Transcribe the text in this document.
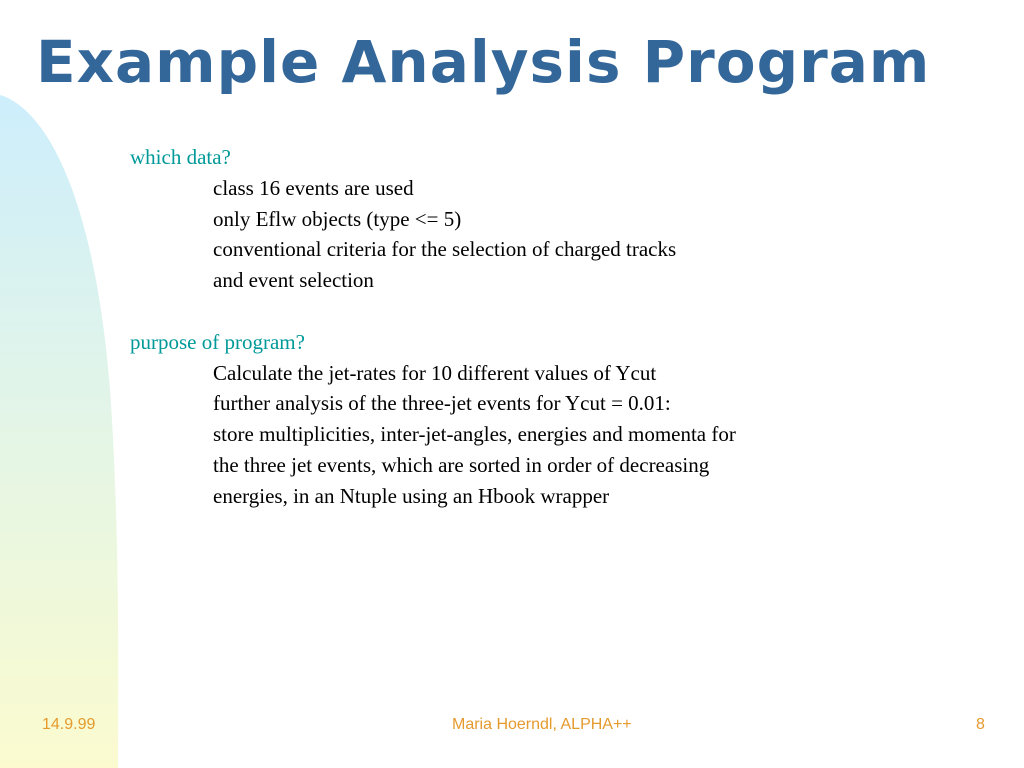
Example Analysis Program
which data?
class 16 events are used
only Eflw objects (type <= 5)
conventional criteria for the selection of charged tracks
and event selection
purpose of program?
Calculate the jet-rates for 10 different values of Ycut
further analysis of the three-jet events for Ycut = 0.01:
store multiplicities, inter-jet-angles, energies and momenta for
the three jet events, which are sorted in order of decreasing
energies, in an Ntuple using an Hbook wrapper
14.9.99	Maria Hoerndl, ALPHA++	8
